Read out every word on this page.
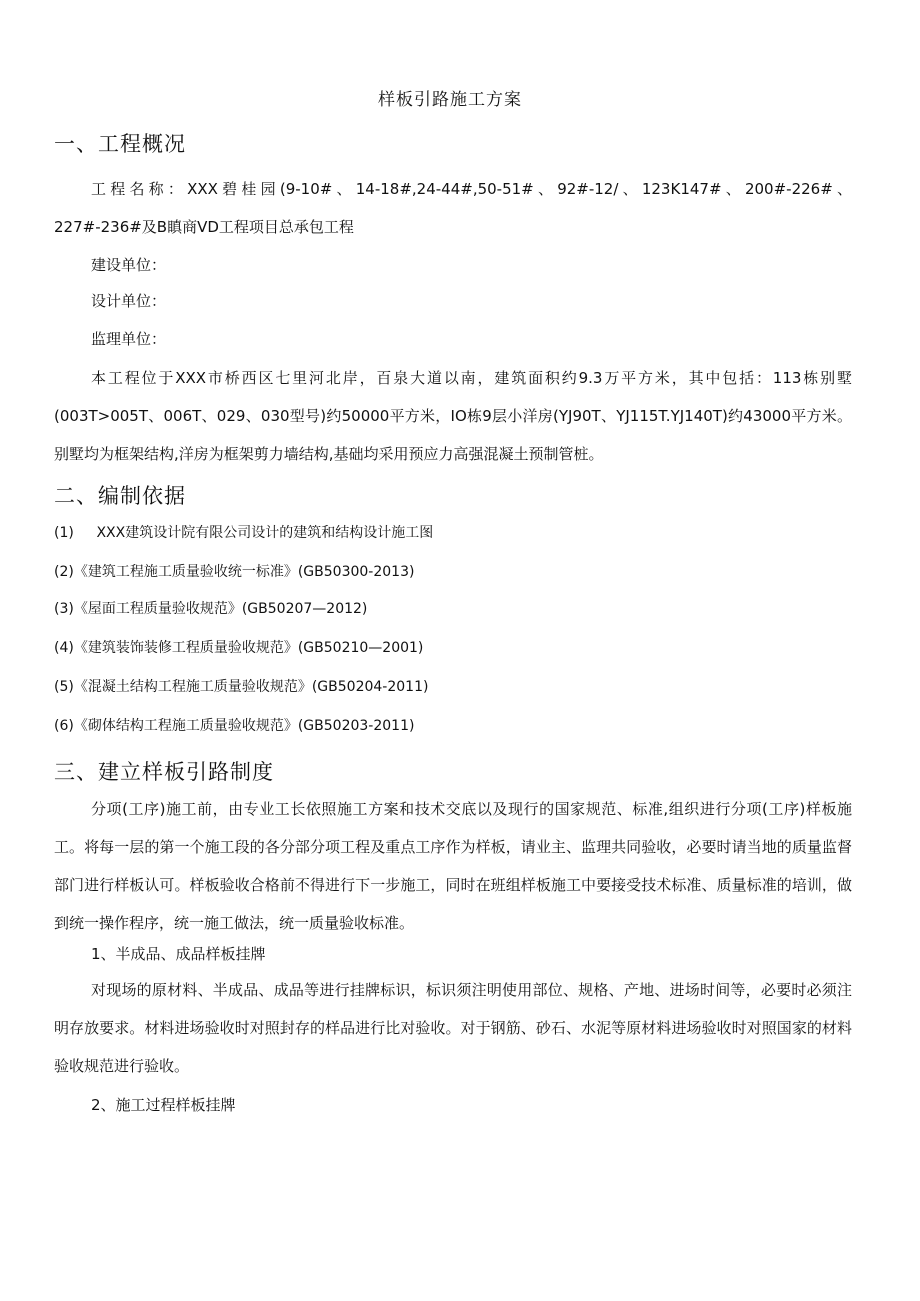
样板引路施工方案
一、工程概况
工程名称：XXX碧桂园(9-10#、14-18#,24-44#,50-51#、92#-12/、123K147#、200#-226#、227#-236#及B瞋商VD工程项目总承包工程
建设单位：
设计单位：
监理单位：
本工程位于XXX市桥西区七里河北岸，百泉大道以南，建筑面积约9.3万平方米，其中包括：113栋别墅(003T>005T、006T、029、030型号)约50000平方米，IO栋9层小洋房(YJ90T、YJ115T.YJ140T)约43000平方米。别墅均为框架结构,洋房为框架剪力墙结构,基础均采用预应力高强混凝土预制管桩。
二、编制依据
(1) XXX建筑设计院有限公司设计的建筑和结构设计施工图
(2)《建筑工程施工质量验收统一标准》(GB50300-2013)
(3)《屋面工程质量验收规范》(GB50207—2012)
(4)《建筑装饰装修工程质量验收规范》(GB50210—2001)
(5)《混凝土结构工程施工质量验收规范》(GB50204-2011)
(6)《砌体结构工程施工质量验收规范》(GB50203-2011)
三、建立样板引路制度
分项(工序)施工前，由专业工长依照施工方案和技术交底以及现行的国家规范、标准,组织进行分项(工序)样板施工。将每一层的第一个施工段的各分部分项工程及重点工序作为样板，请业主、监理共同验收，必要时请当地的质量监督部门进行样板认可。样板验收合格前不得进行下一步施工，同时在班组样板施工中要接受技术标准、质量标准的培训，做到统一操作程序，统一施工做法，统一质量验收标准。
1、半成品、成品样板挂牌
对现场的原材料、半成品、成品等进行挂牌标识，标识须注明使用部位、规格、产地、进场时间等，必要时必须注明存放要求。材料进场验收时对照封存的样品进行比对验收。对于钢筋、砂石、水泥等原材料进场验收时对照国家的材料验收规范进行验收。
2、施工过程样板挂牌
